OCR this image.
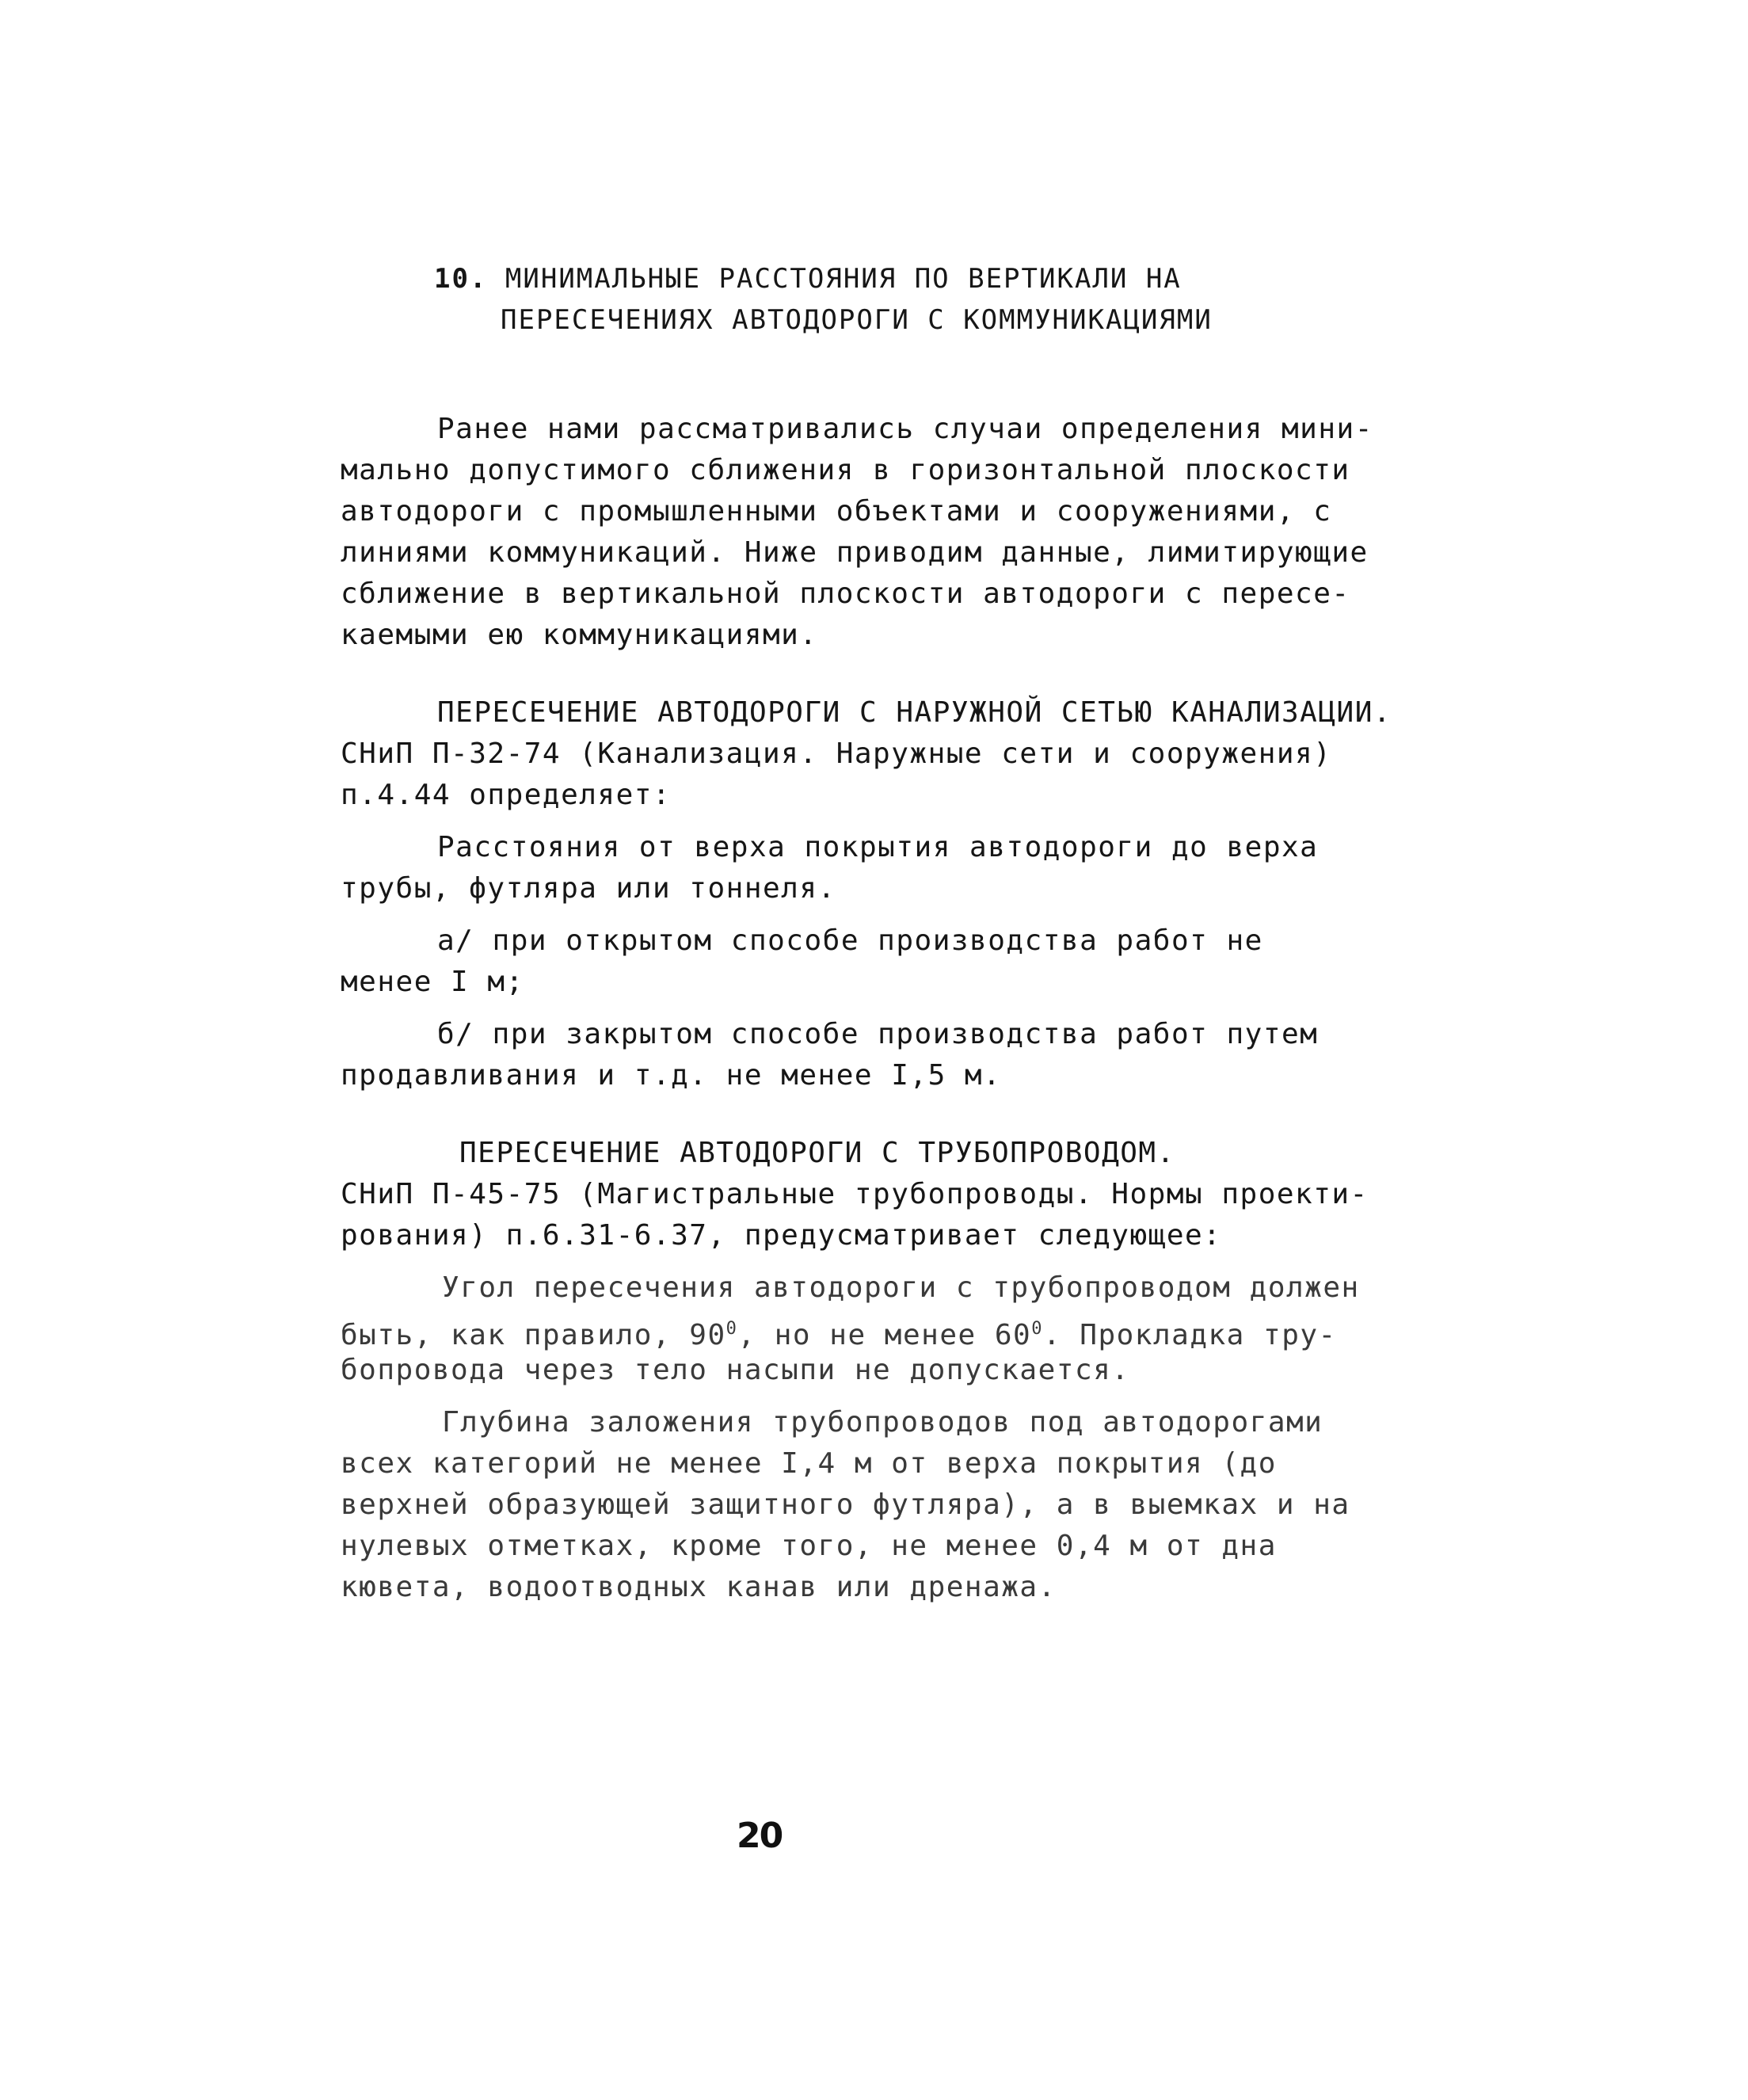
10. МИНИМАЛЬНЫЕ РАССТОЯНИЯ ПО ВЕРТИКАЛИ НА
ПЕРЕСЕЧЕНИЯХ АВТОДОРОГИ С КОММУНИКАЦИЯМИ
Ранее нами рассматривались случаи определения мини-
мально допустимого сближения в горизонтальной плоскости
автодороги с промышленными объектами и сооружениями, с
линиями коммуникаций. Ниже приводим данные, лимитирующие
сближение в вертикальной плоскости автодороги с пересе-
каемыми ею коммуникациями.
ПЕРЕСЕЧЕНИЕ АВТОДОРОГИ С НАРУЖНОЙ СЕТЬЮ КАНАЛИЗАЦИИ.
СНиП П-32-74 (Канализация. Наружные сети и сооружения)
п.4.44 определяет:
Расстояния от верха покрытия автодороги до верха
трубы, футляра или тоннеля.
а/ при открытом способе производства работ не
менее I м;
б/ при закрытом способе производства работ путем
продавливания и т.д. не менее I,5 м.
ПЕРЕСЕЧЕНИЕ АВТОДОРОГИ С ТРУБОПРОВОДОМ.
СНиП П-45-75 (Магистральные трубопроводы. Нормы проекти-
рования) п.6.31-6.37, предусматривает следующее:
Угол пересечения автодороги с трубопроводом должен
быть, как правило, $90^0$, но не менее $60^0$. Прокладка тру-
бопровода через тело насыпи не допускается.
Глубина заложения трубопроводов под автодорогами
всех категорий не менее I,4 м от верха покрытия (до
верхней образующей защитного футляра), а в выемках и на
нулевых отметках, кроме того, не менее 0,4 м от дна
кювета, водоотводных канав или дренажа.
20
